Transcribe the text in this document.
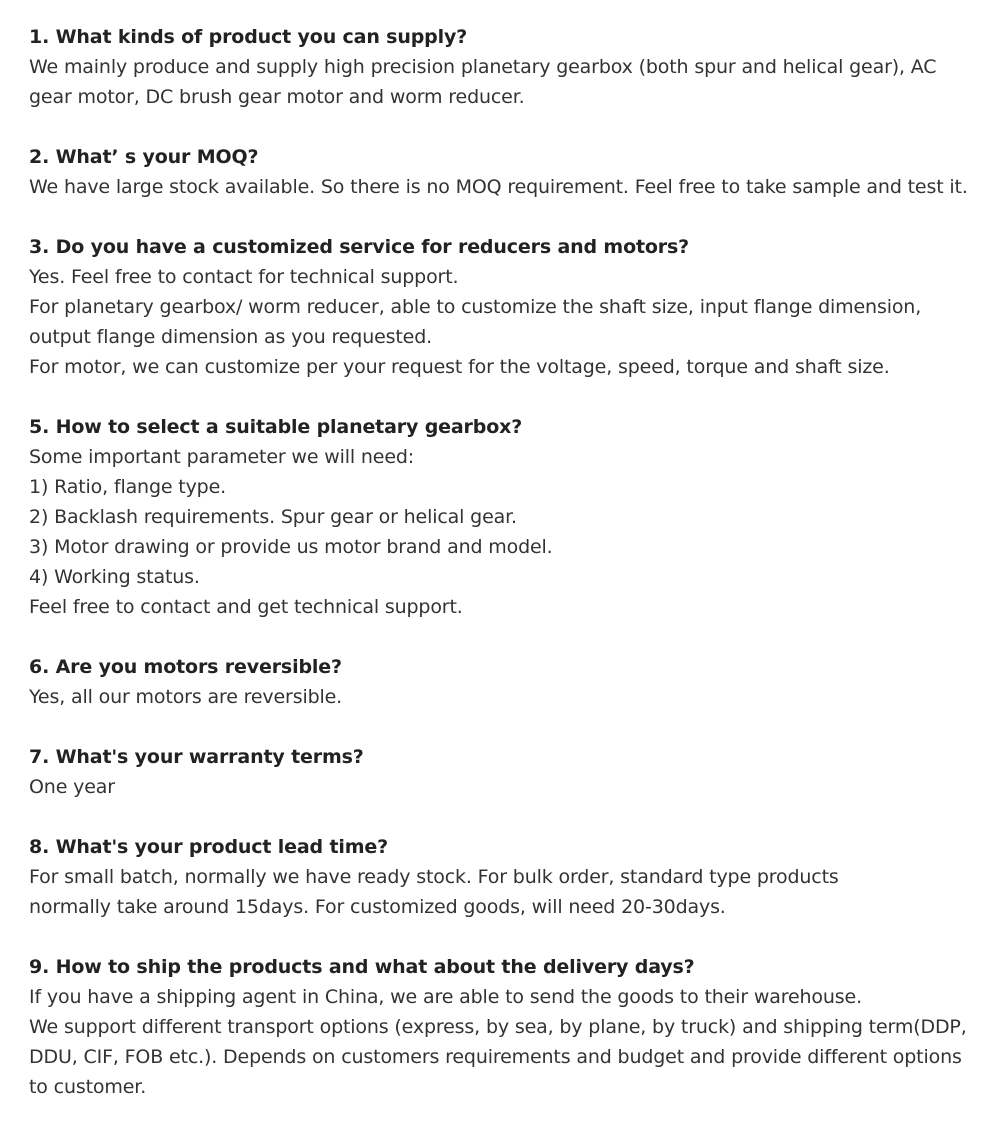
1. What kinds of product you can supply?

We mainly produce and supply high precision planetary gearbox (both spur and helical gear), AC gear motor, DC brush gear motor and worm reducer.

2. What’ s your MOQ?

We have large stock available. So there is no MOQ requirement. Feel free to take sample and test it.

3. Do you have a customized service for reducers and motors?

Yes. Feel free to contact for technical support.

For planetary gearbox/ worm reducer, able to customize the shaft size, input flange dimension, output flange dimension as you requested.

For motor, we can customize per your request for the voltage, speed, torque and shaft size.

5. How to select a suitable planetary gearbox?

Some important parameter we will need:

1) Ratio, flange type.

2) Backlash requirements. Spur gear or helical gear.

3) Motor drawing or provide us motor brand and model.

4) Working status.

Feel free to contact and get technical support.

6. Are you motors reversible?

Yes, all our motors are reversible.

7. What's your warranty terms?

One year

8. What's your product lead time?

For small batch, normally we have ready stock. For bulk order, standard type products

normally take around 15days. For customized goods, will need 20-30days.

9. How to ship the products and what about the delivery days?

If you have a shipping agent in China, we are able to send the goods to their warehouse.

We support different transport options (express, by sea, by plane, by truck) and shipping term(DDP, DDU, CIF, FOB etc.). Depends on customers requirements and budget and provide different options to customer.
